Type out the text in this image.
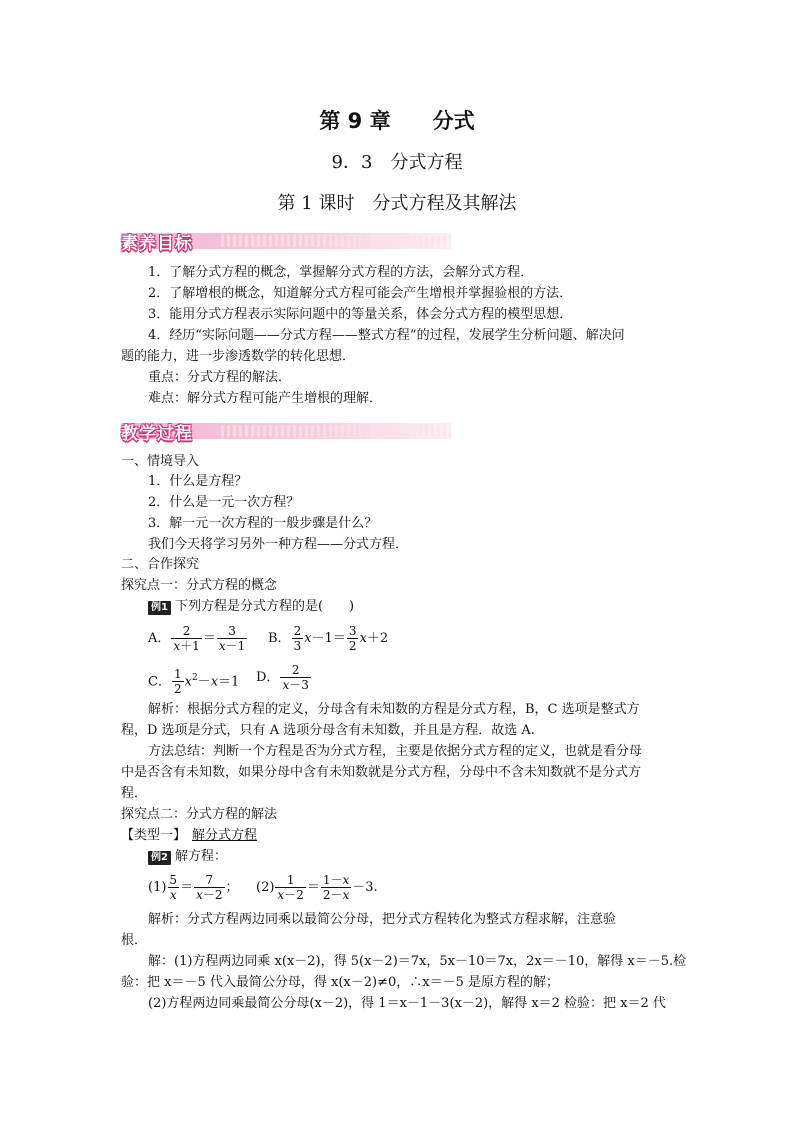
第 9 章　　分式
9．3　分式方程
第 1 课时　分式方程及其解法
素养目标
1．了解分式方程的概念，掌握解分式方程的方法，会解分式方程．
2．了解增根的概念，知道解分式方程可能会产生增根并掌握验根的方法．
3．能用分式方程表示实际问题中的等量关系，体会分式方程的模型思想．
4．经历“实际问题——分式方程——整式方程”的过程，发展学生分析问题、解决问
题的能力，进一步渗透数学的转化思想．
重点：分式方程的解法．
难点：解分式方程可能产生增根的理解．
教学过程
一、情境导入
1．什么是方程？
2．什么是一元一次方程？
3．解一元一次方程的一般步骤是什么？
我们今天将学习另外一种方程——分式方程．
二、合作探究
探究点一：分式方程的概念
例1 下列方程是分式方程的是(　　)
A． $\frac{2}{x+1} = \frac{3}{x-1}$ B． $\frac{2}{3} x-1= \frac{3}{2} x+2$
C． $\frac{1}{2} x^2-x=1$ D． $\frac{2}{x-3}$
解析：根据分式方程的定义，分母含有未知数的方程是分式方程，B，C 选项是整式方
程，D 选项是分式，只有 A 选项分母含有未知数，并且是方程．故选 A.
方法总结：判断一个方程是否为分式方程，主要是依据分式方程的定义，也就是看分母
中是否含有未知数，如果分母中含有未知数就是分式方程，分母中不含未知数就不是分式方
程．
探究点二：分式方程的解法
【类型一】 解分式方程
例2 解方程：
$(1) \frac{5}{x} = \frac{7}{x-2}$ ； $(2) \frac{1}{x-2} = \frac{1-x}{2-x} -3$.
解析：分式方程两边同乘以最简公分母，把分式方程转化为整式方程求解，注意验
根．
解：(1)方程两边同乘 x(x－2)，得 5(x－2)＝7x，5x－10＝7x，2x＝－10，解得 x＝－5.检
验：把 x＝－5 代入最简公分母，得 x(x－2)≠0，∴x＝－5 是原方程的解；
(2)方程两边同乘最简公分母(x－2)，得 1＝x－1－3(x－2)，解得 x＝2 检验：把 x＝2 代
